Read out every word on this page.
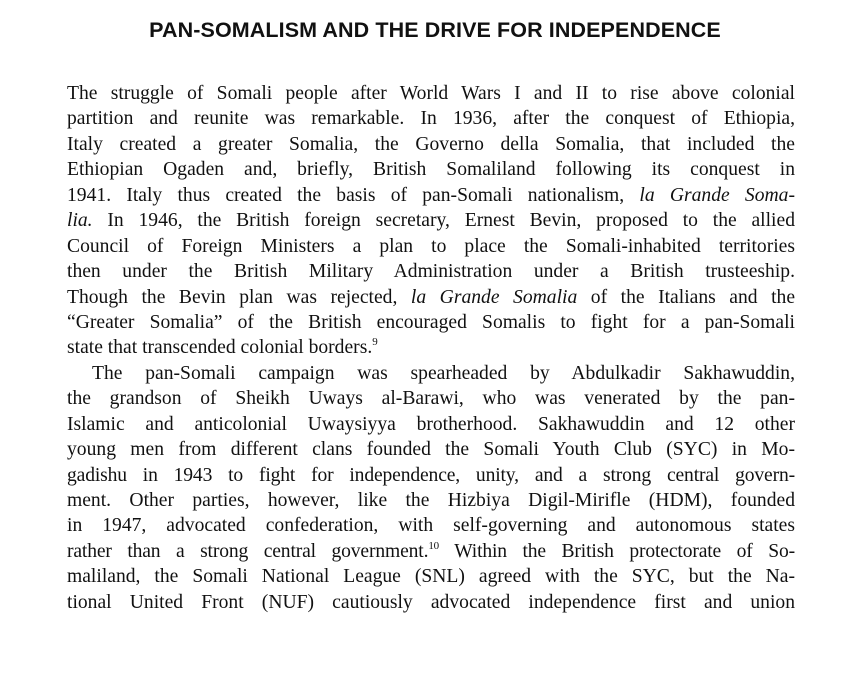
PAN-SOMALISM AND THE DRIVE FOR INDEPENDENCE
The struggle of Somali people after World Wars I and II to rise above colonial
partition and reunite was remarkable. In 1936, after the conquest of Ethiopia,
Italy created a greater Somalia, the Governo della Somalia, that included the
Ethiopian Ogaden and, briefly, British Somaliland following its conquest in
1941. Italy thus created the basis of pan-Somali nationalism, la Grande Soma-
lia. In 1946, the British foreign secretary, Ernest Bevin, proposed to the allied
Council of Foreign Ministers a plan to place the Somali-inhabited territories
then under the British Military Administration under a British trusteeship.
Though the Bevin plan was rejected, la Grande Somalia of the Italians and the
“Greater Somalia” of the British encouraged Somalis to fight for a pan-Somali
state that transcended colonial borders.$^9$
The pan-Somali campaign was spearheaded by Abdulkadir Sakhawuddin,
the grandson of Sheikh Uways al-Barawi, who was venerated by the pan-
Islamic and anticolonial Uwaysiyya brotherhood. Sakhawuddin and 12 other
young men from different clans founded the Somali Youth Club (SYC) in Mo-
gadishu in 1943 to fight for independence, unity, and a strong central govern-
ment. Other parties, however, like the Hizbiya Digil-Mirifle (HDM), founded
in 1947, advocated confederation, with self-governing and autonomous states
rather than a strong central government.$^{10}$ Within the British protectorate of So-
maliland, the Somali National League (SNL) agreed with the SYC, but the Na-
tional United Front (NUF) cautiously advocated independence first and union
